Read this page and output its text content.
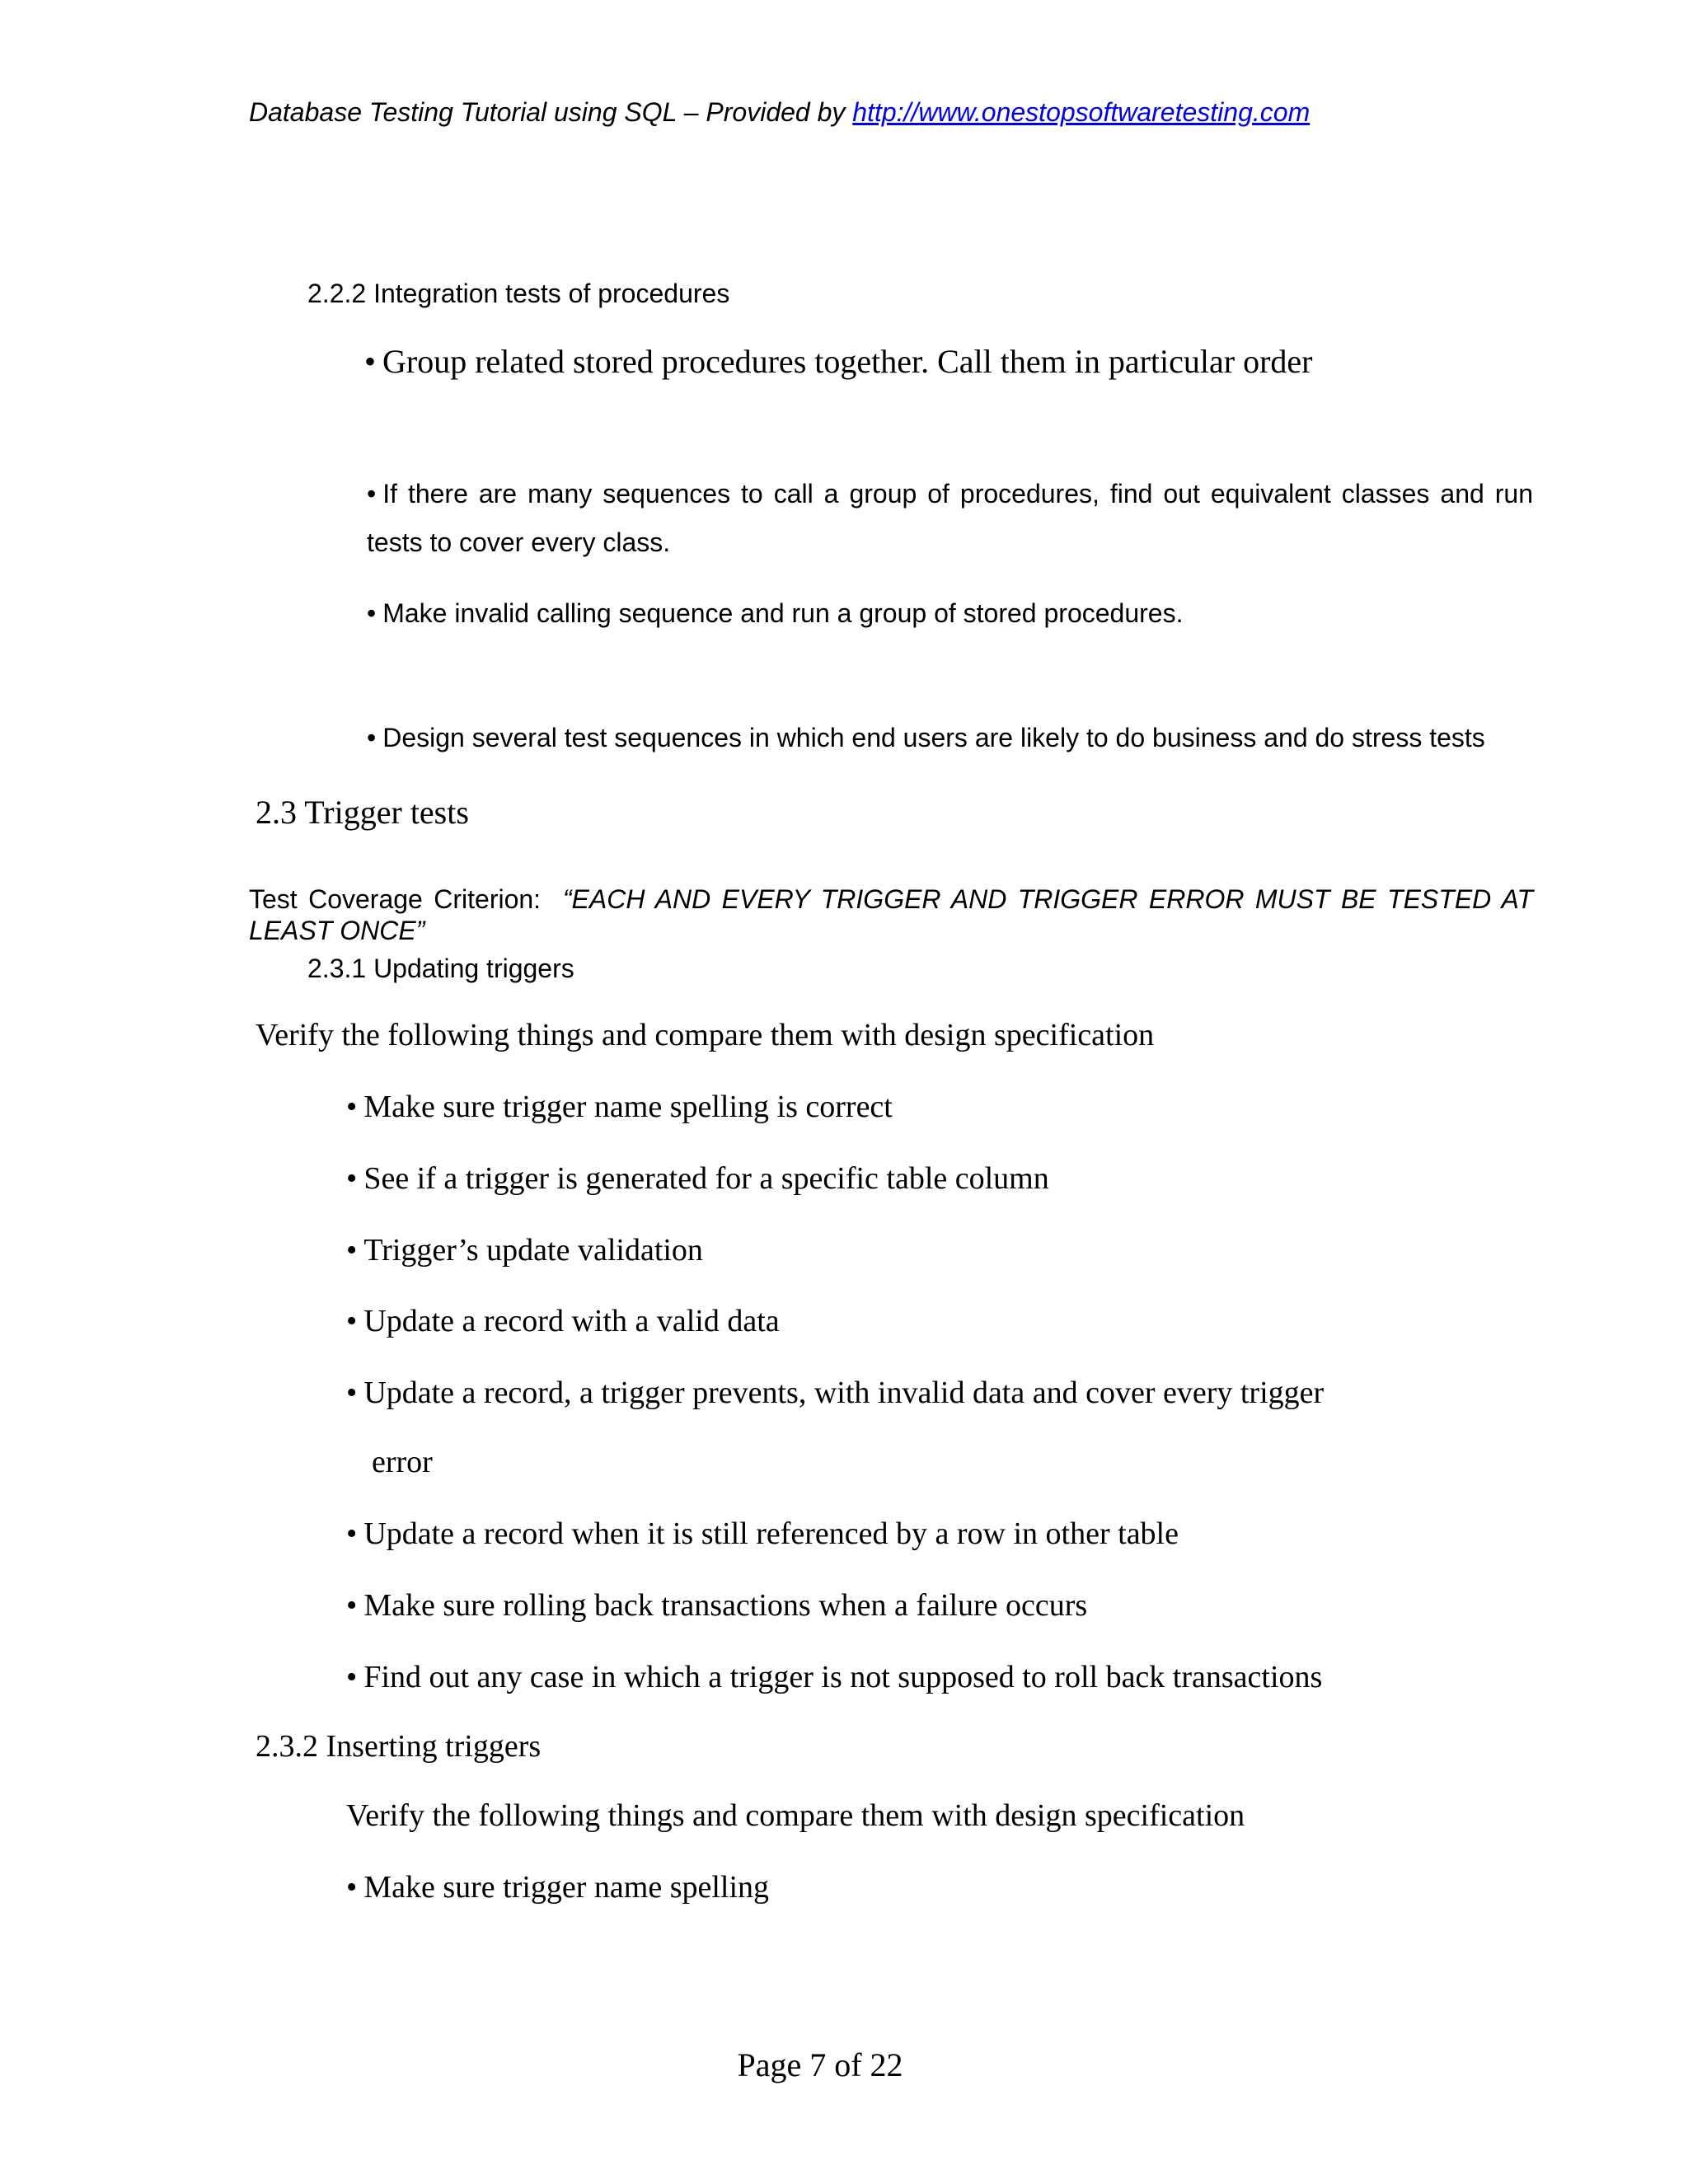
Database Testing Tutorial using SQL – Provided by http://www.onestopsoftwaretesting.com

2.2.2 Integration tests of procedures

• Group related stored procedures together. Call them in particular order

• If there are many sequences to call a group of procedures, find out equivalent classes and run tests to cover every class.

• Make invalid calling sequence and run a group of stored procedures.

• Design several test sequences in which end users are likely to do business and do stress tests

2.3 Trigger tests

Test Coverage Criterion: “EACH AND EVERY TRIGGER AND TRIGGER ERROR MUST BE TESTED AT LEAST ONCE”

2.3.1 Updating triggers

Verify the following things and compare them with design specification

• Make sure trigger name spelling is correct

• See if a trigger is generated for a specific table column

• Trigger’s update validation

• Update a record with a valid data

• Update a record, a trigger prevents, with invalid data and cover every trigger

error

• Update a record when it is still referenced by a row in other table

• Make sure rolling back transactions when a failure occurs

• Find out any case in which a trigger is not supposed to roll back transactions

2.3.2 Inserting triggers

Verify the following things and compare them with design specification

• Make sure trigger name spelling

Page 7 of 22
